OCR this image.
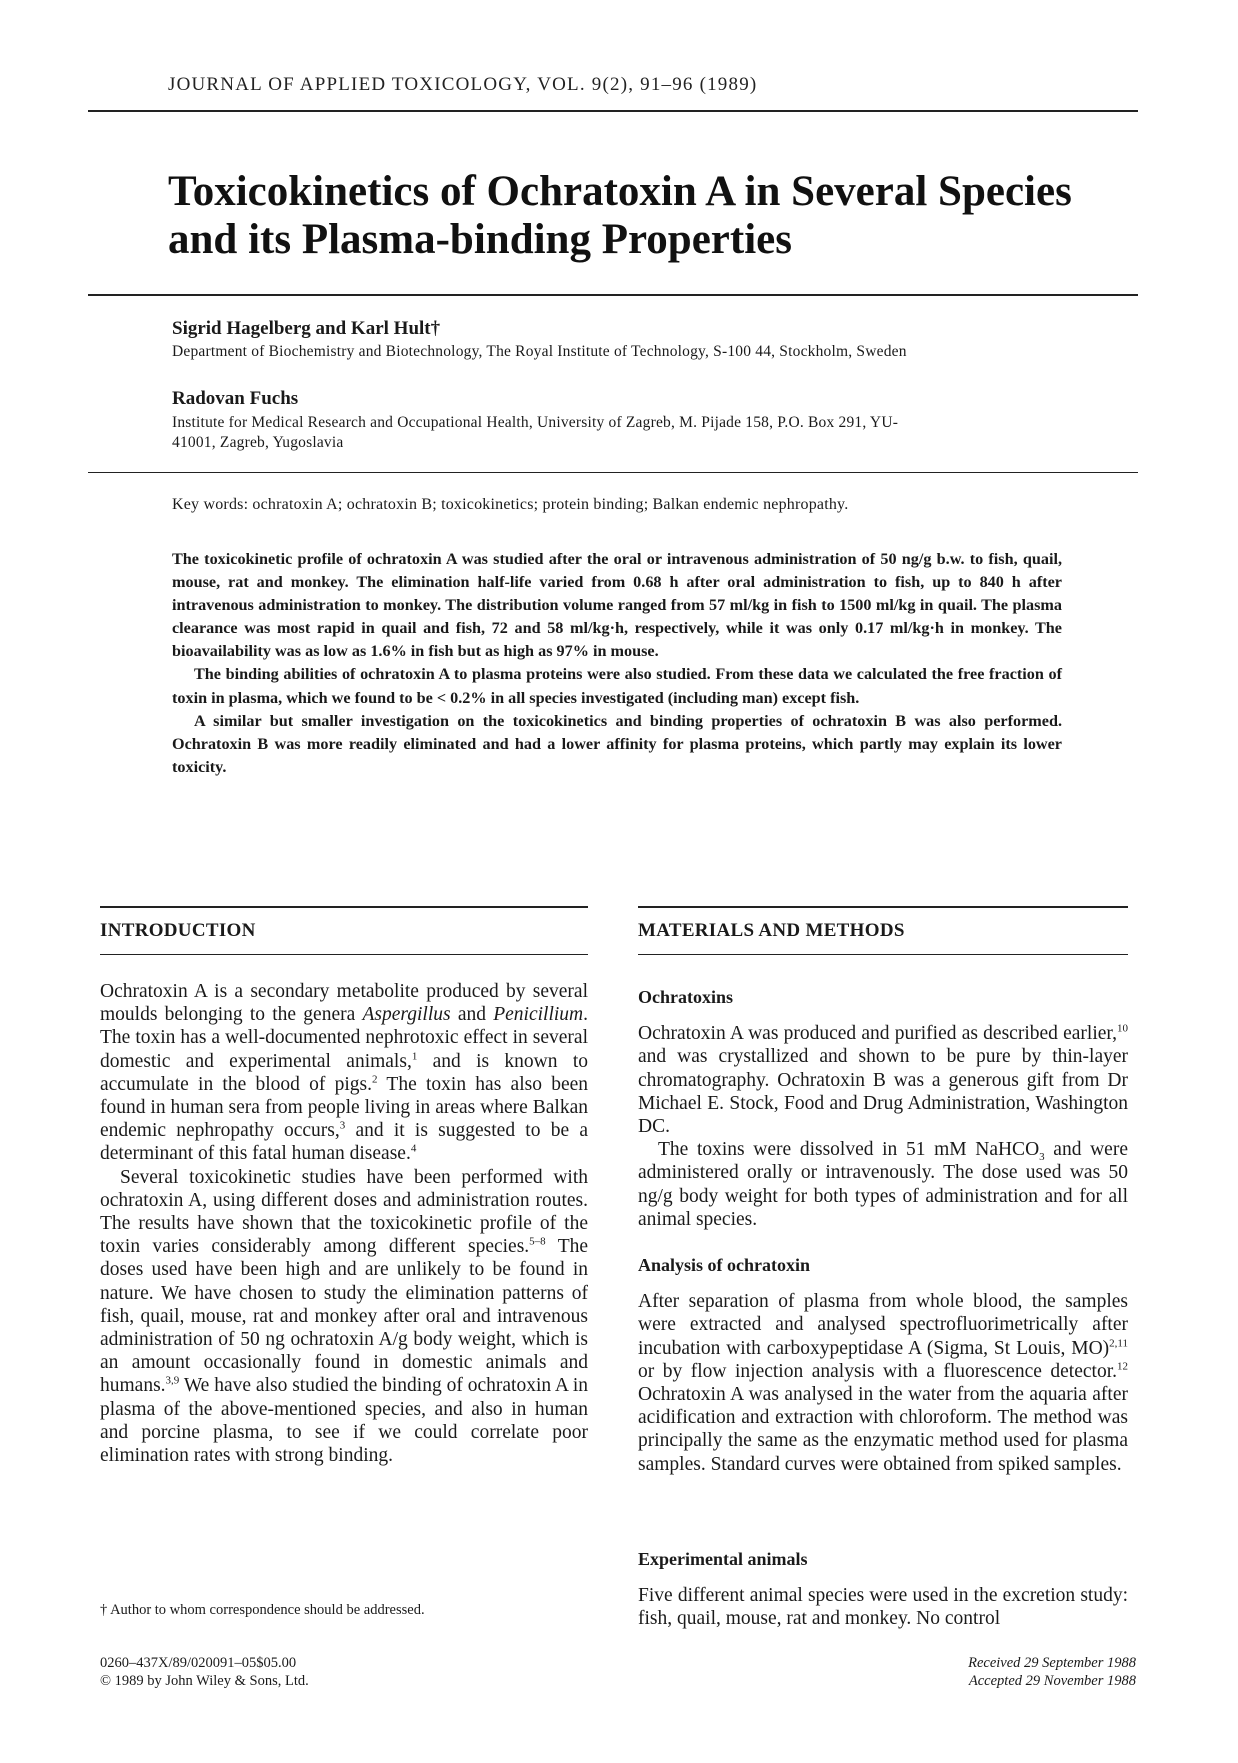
JOURNAL OF APPLIED TOXICOLOGY, VOL. 9(2), 91–96 (1989)
Toxicokinetics of Ochratoxin A in Several Species
and its Plasma-binding Properties
Sigrid Hagelberg and Karl Hult†
Department of Biochemistry and Biotechnology, The Royal Institute of Technology, S-100 44, Stockholm, Sweden
Radovan Fuchs
Institute for Medical Research and Occupational Health, University of Zagreb, M. Pijade 158, P.O. Box 291, YU-
41001, Zagreb, Yugoslavia
Key words: ochratoxin A; ochratoxin B; toxicokinetics; protein binding; Balkan endemic nephropathy.

The toxicokinetic profile of ochratoxin A was studied after the oral or intravenous administration of 50 ng/g b.w. to fish, quail, mouse, rat and monkey. The elimination half-life varied from 0.68 h after oral administration to fish, up to 840 h after intravenous administration to monkey. The distribution volume ranged from 57 ml/kg in fish to 1500 ml/kg in quail. The plasma clearance was most rapid in quail and fish, 72 and 58 ml/kg·h, respectively, while it was only 0.17 ml/kg·h in monkey. The bioavailability was as low as 1.6% in fish but as high as 97% in mouse.

The binding abilities of ochratoxin A to plasma proteins were also studied. From these data we calculated the free fraction of toxin in plasma, which we found to be < 0.2% in all species investigated (including man) except fish.

A similar but smaller investigation on the toxicokinetics and binding properties of ochratoxin B was also performed. Ochratoxin B was more readily eliminated and had a lower affinity for plasma proteins, which partly may explain its lower toxicity.

INTRODUCTION

Ochratoxin A is a secondary metabolite produced by several moulds belonging to the genera Aspergillus and Penicillium. The toxin has a well-documented nephrotoxic effect in several domestic and experimental animals,$^1$ and is known to accumulate in the blood of pigs.$^2$ The toxin has also been found in human sera from people living in areas where Balkan endemic nephropathy occurs,$^3$ and it is suggested to be a determinant of this fatal human disease.$^4$

Several toxicokinetic studies have been performed with ochratoxin A, using different doses and administration routes. The results have shown that the toxicokinetic profile of the toxin varies considerably among different species.$^{5-8}$ The doses used have been high and are unlikely to be found in nature. We have chosen to study the elimination patterns of fish, quail, mouse, rat and monkey after oral and intravenous administration of 50 ng ochratoxin A/g body weight, which is an amount occasionally found in domestic animals and humans.$^{3,9}$ We have also studied the binding of ochratoxin A in plasma of the above-mentioned species, and also in human and porcine plasma, to see if we could correlate poor elimination rates with strong binding.

MATERIALS AND METHODS
Ochratoxins

Ochratoxin A was produced and purified as described earlier,$^{10}$ and was crystallized and shown to be pure by thin-layer chromatography. Ochratoxin B was a generous gift from Dr Michael E. Stock, Food and Drug Administration, Washington DC.

The toxins were dissolved in 51 mM NaHCO$_3$ and were administered orally or intravenously. The dose used was 50 ng/g body weight for both types of administration and for all animal species.

Analysis of ochratoxin

After separation of plasma from whole blood, the samples were extracted and analysed spectrofluorimetrically after incubation with carboxypeptidase A (Sigma, St Louis, MO)$^{2,11}$ or by flow injection analysis with a fluorescence detector.$^{12}$ Ochratoxin A was analysed in the water from the aquaria after acidification and extraction with chloroform. The method was principally the same as the enzymatic method used for plasma samples. Standard curves were obtained from spiked samples.

Experimental animals

Five different animal species were used in the excretion study: fish, quail, mouse, rat and monkey. No control

† Author to whom correspondence should be addressed.
0260–437X/89/020091–05$05.00
© 1989 by John Wiley & Sons, Ltd.
Received 29 September 1988
Accepted 29 November 1988
